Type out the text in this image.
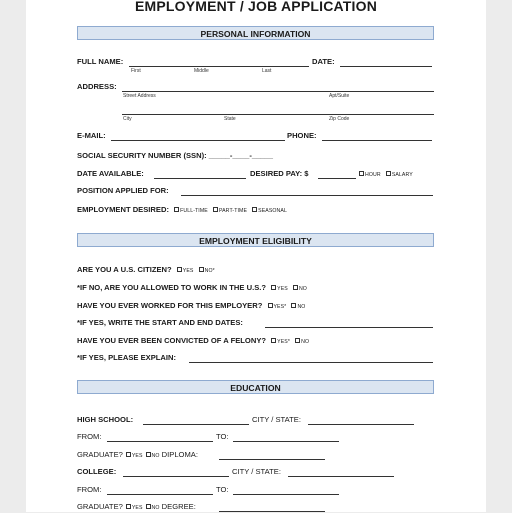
EMPLOYMENT / JOB APPLICATION
PERSONAL INFORMATION
FULL NAME:
First	Middle	Last
DATE:
ADDRESS:
Street Address	Apt/Suite
City	State	Zip Code
E-MAIL:	PHONE:
SOCIAL SECURITY NUMBER (SSN): _____-____-_____
DATE AVAILABLE:	DESIRED PAY: $	HOUR SALARY
POSITION APPLIED FOR:
EMPLOYMENT DESIRED: FULL-TIME PART-TIME SEASONAL
EMPLOYMENT ELIGIBILITY
ARE YOU A U.S. CITIZEN? YES NO*
*IF NO, ARE YOU ALLOWED TO WORK IN THE U.S.? YES NO
HAVE YOU EVER WORKED FOR THIS EMPLOYER? YES* NO
*IF YES, WRITE THE START AND END DATES:
HAVE YOU EVER BEEN CONVICTED OF A FELONY? YES* NO
*IF YES, PLEASE EXPLAIN:
EDUCATION
HIGH SCHOOL:	CITY / STATE:
FROM:	TO:
GRADUATE? YES NO DIPLOMA:
COLLEGE:	CITY / STATE:
FROM:	TO:
GRADUATE? YES NO DEGREE:
